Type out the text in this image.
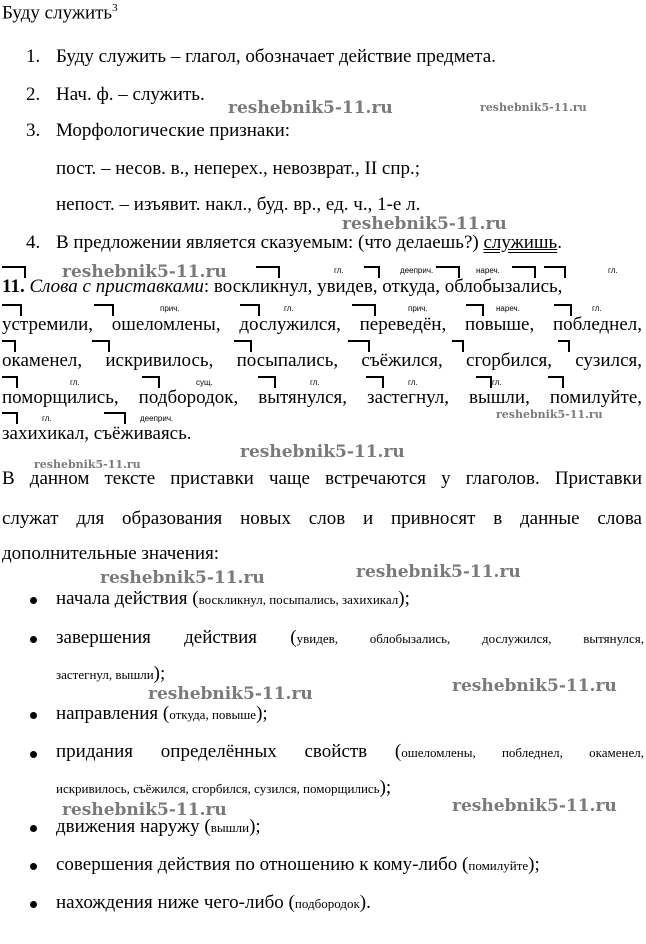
Буду служить$^3$
1. Буду служить – глагол, обозначает действие предмета.
2. Нач. ф. – служить.
3. Морфологические признаки:
пост. – несов. в., неперех., невозврат., II спр.;
непост. – изъявит. накл., буд. вр., ед. ч., 1-е л.
4. В предложении является сказуемым: (что делаешь?) служишь.
11. Слова с приставками: воскликнул, увидев, откуда, облобызались,
устремили, ошеломлены, дослужился, переведён, повыше, побледнел,
окаменел, искривилось, посыпались, съёжился, сгорбился, сузился,
поморщились, подбородок, вытянулся, застегнул, вышли, помилуйте,
захихикал, съёживаясь.
гл.	дееприч.	нареч.	гл.
прич.	гл.	прич.	нареч.	гл.
гл.	сущ.	гл.	гл.	гл.
гл.	дееприч.
В данном тексте приставки чаще встречаются у глаголов. Приставки
служат для образования новых слов и привносят в данные слова
дополнительные значения:
начала действия (воскликнул, посыпались, захихикал);
завершения действия (увидев, облобызались, дослужился, вытянулся,
застегнул, вышли);
направления (откуда, повыше);
придания определённых свойств (ошеломлены, побледнел, окаменел,
искривилось, съёжился, сгорбился, сузился, поморщились);
движения наружу (вышли);
совершения действия по отношению к кому-либо (помилуйте);
нахождения ниже чего-либо (подбородок).
reshebnik5-11.ru	reshebnik5-11.ru
reshebnik5-11.ru
reshebnik5-11.ru
reshebnik5-11.ru
reshebnik5-11.ru
reshebnik5-11.ru
reshebnik5-11.ru	reshebnik5-11.ru
reshebnik5-11.ru	reshebnik5-11.ru
reshebnik5-11.ru	reshebnik5-11.ru
